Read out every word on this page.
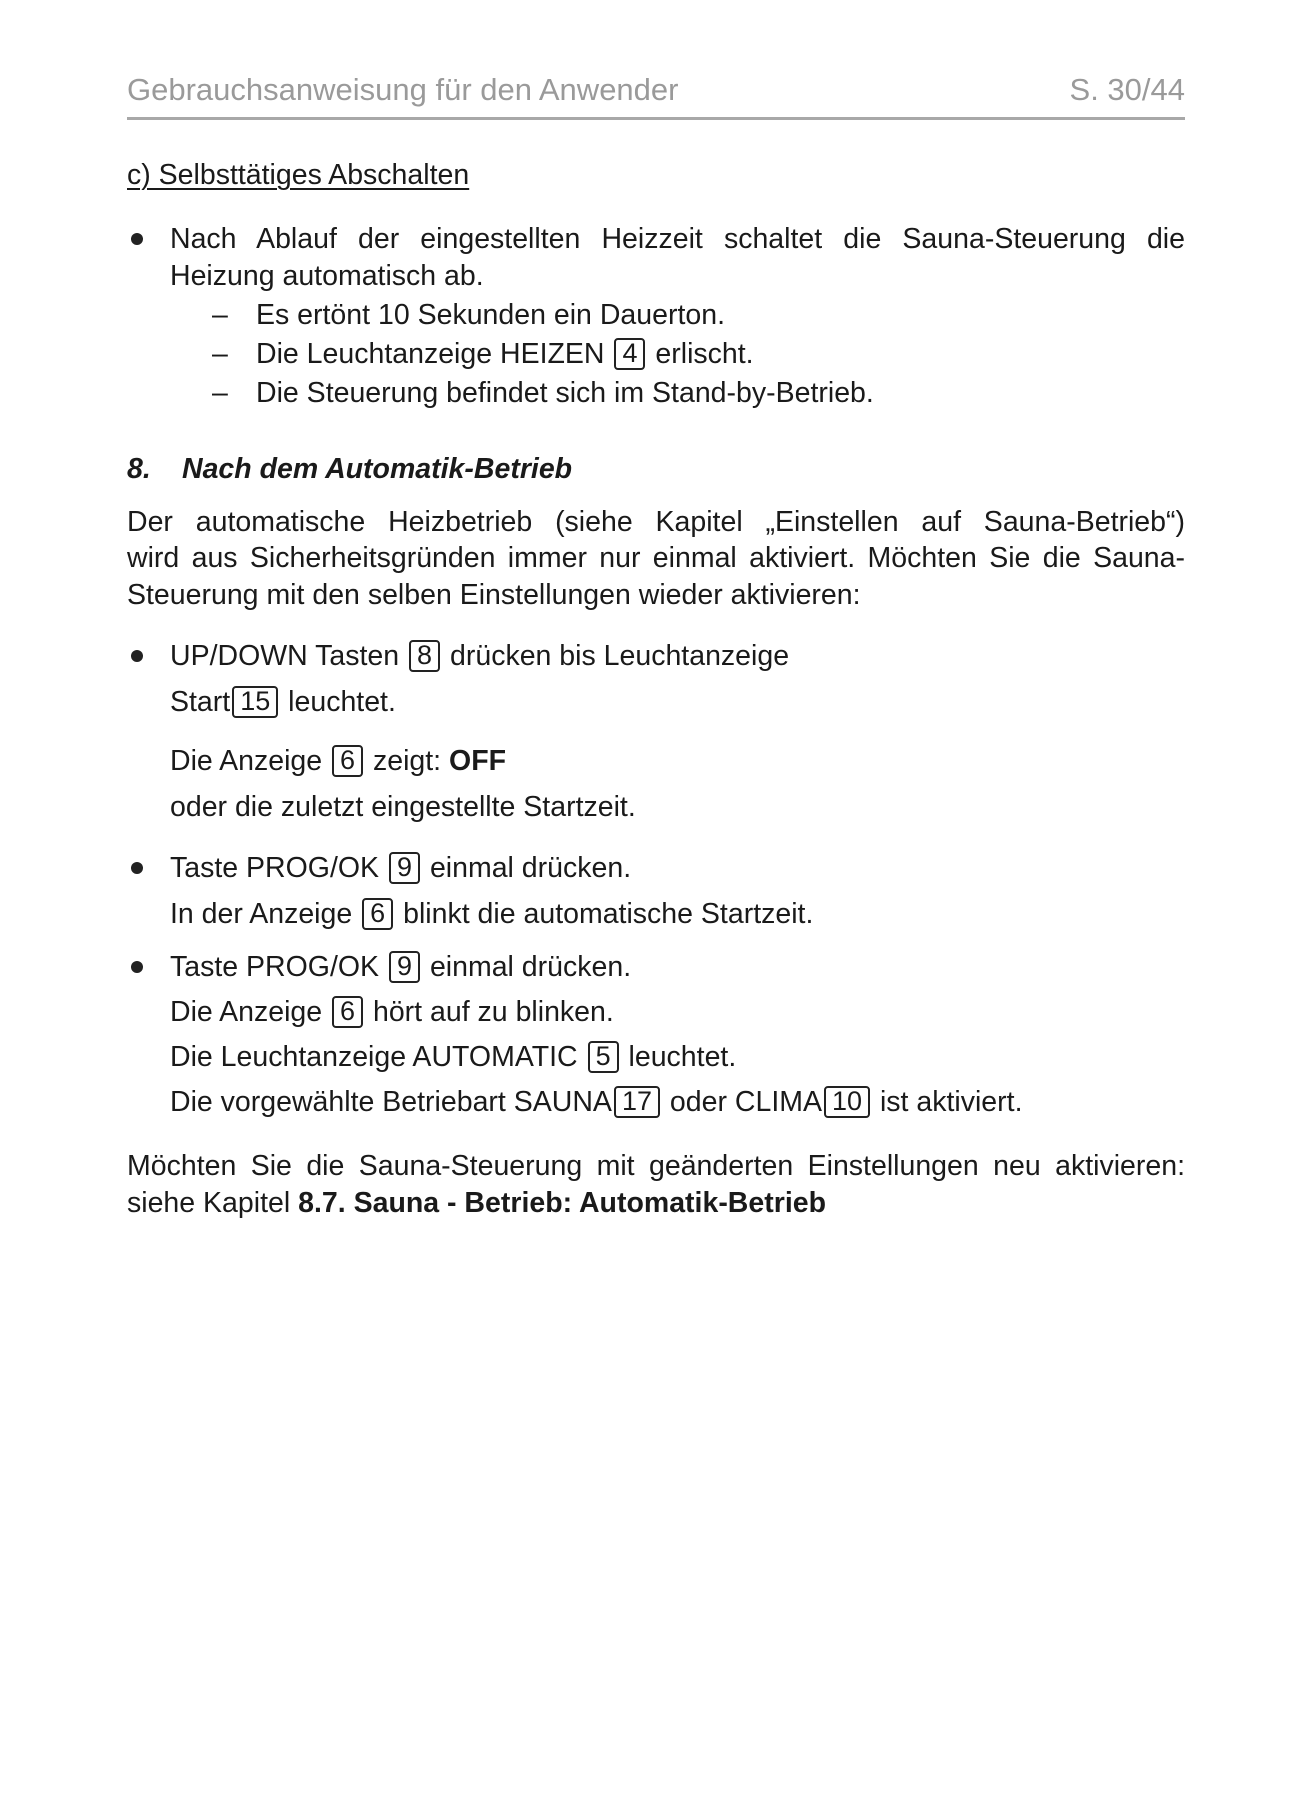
Gebrauchsanweisung für den Anwender	S. 30/44
c) Selbsttätiges Abschalten
Nach Ablauf der eingestellten Heizzeit schaltet die Sauna-Steuerung die
Heizung automatisch ab.
– Es ertönt 10 Sekunden ein Dauerton.
– Die Leuchtanzeige HEIZEN 4 erlischt.
– Die Steuerung befindet sich im Stand-by-Betrieb.
8. Nach dem Automatik-Betrieb
Der automatische Heizbetrieb (siehe Kapitel „Einstellen auf Sauna-Betrieb“)
wird aus Sicherheitsgründen immer nur einmal aktiviert. Möchten Sie die Sauna-
Steuerung mit den selben Einstellungen wieder aktivieren:
UP/DOWN Tasten 8 drücken bis Leuchtanzeige
Start 15 leuchtet.
Die Anzeige 6 zeigt: OFF
oder die zuletzt eingestellte Startzeit.
Taste PROG/OK 9 einmal drücken.
In der Anzeige 6 blinkt die automatische Startzeit.
Taste PROG/OK 9 einmal drücken.
Die Anzeige 6 hört auf zu blinken.
Die Leuchtanzeige AUTOMATIC 5 leuchtet.
Die vorgewählte Betriebart SAUNA 17 oder CLIMA 10 ist aktiviert.
Möchten Sie die Sauna-Steuerung mit geänderten Einstellungen neu aktivieren:
siehe Kapitel 8.7. Sauna - Betrieb: Automatik-Betrieb
